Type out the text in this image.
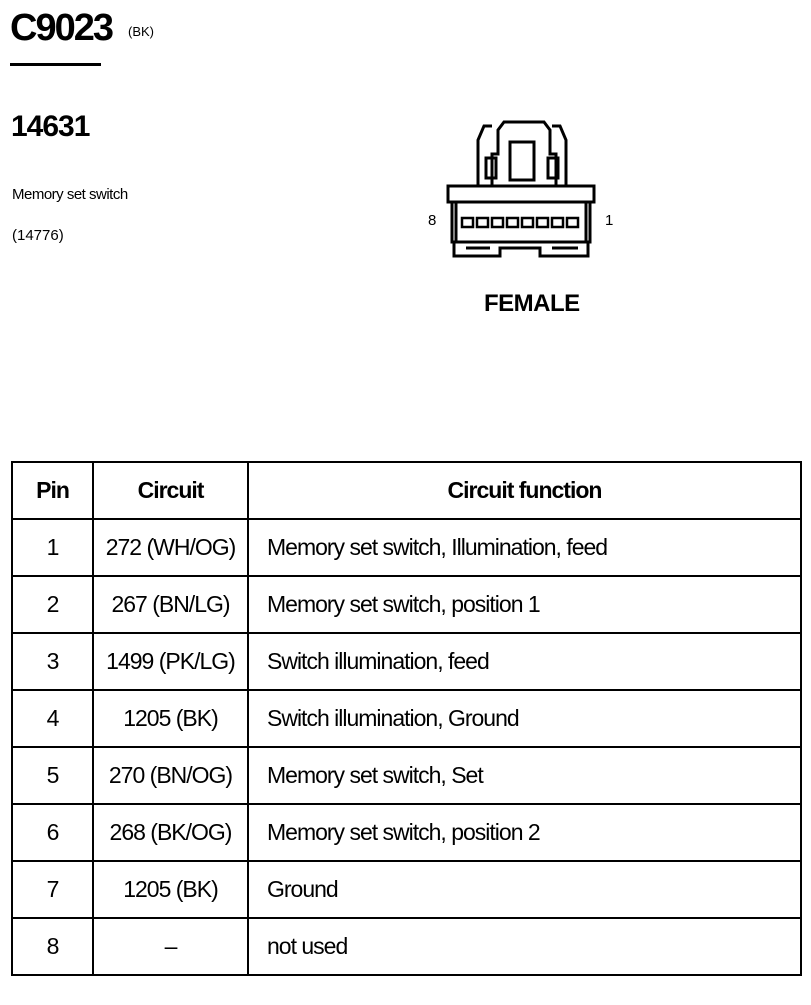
C9023 (BK)
14631
Memory set switch
(14776)
8	1
FEMALE
Pin	Circuit	Circuit function
1	272 (WH/OG)	Memory set switch, Illumination, feed
2	267 (BN/LG)	Memory set switch, position 1
3	1499 (PK/LG)	Switch illumination, feed
4	1205 (BK)	Switch illumination, Ground
5	270 (BN/OG)	Memory set switch, Set
6	268 (BK/OG)	Memory set switch, position 2
7	1205 (BK)	Ground
8	–	not used
